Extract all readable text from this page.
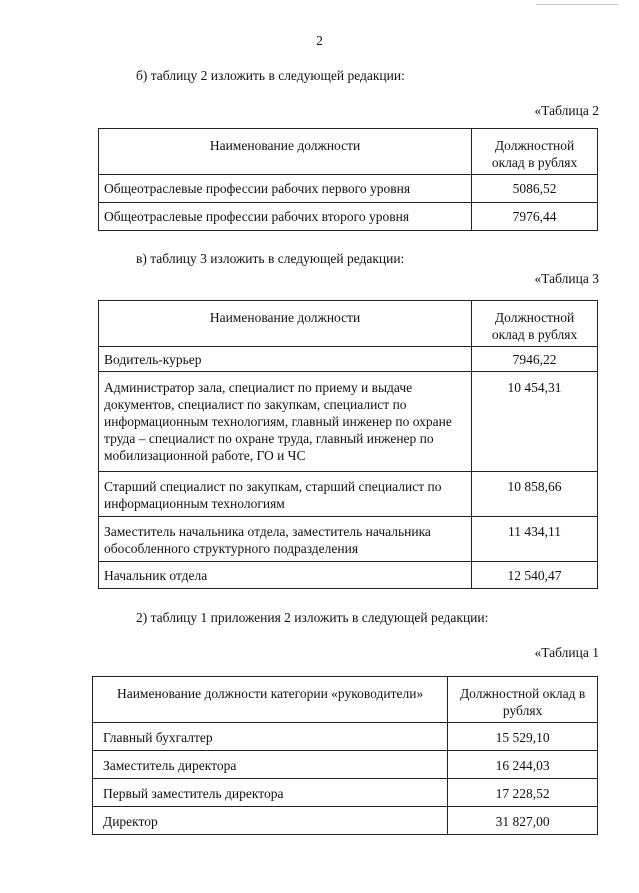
2
б) таблицу 2 изложить в следующей редакции:
«Таблица 2
Наименование должности	Должностной оклад в рублях
Общеотраслевые профессии рабочих первого уровня	5086,52
Общеотраслевые профессии рабочих второго уровня	7976,44
в) таблицу 3 изложить в следующей редакции:
«Таблица 3
Наименование должности	Должностной оклад в рублях
Водитель-курьер	7946,22
Администратор зала, специалист по приему и выдаче документов, специалист по закупкам, специалист по информационным технологиям, главный инженер по охране труда – специалист по охране труда, главный инженер по мобилизационной работе, ГО и ЧС	10 454,31
Старший специалист по закупкам, старший специалист по информационным технологиям	10 858,66
Заместитель начальника отдела, заместитель начальника обособленного структурного подразделения	11 434,11
Начальник отдела	12 540,47
2) таблицу 1 приложения 2 изложить в следующей редакции:
«Таблица 1
Наименование должности категории «руководители»	Должностной оклад в рублях
Главный бухгалтер	15 529,10
Заместитель директора	16 244,03
Первый заместитель директора	17 228,52
Директор	31 827,00
